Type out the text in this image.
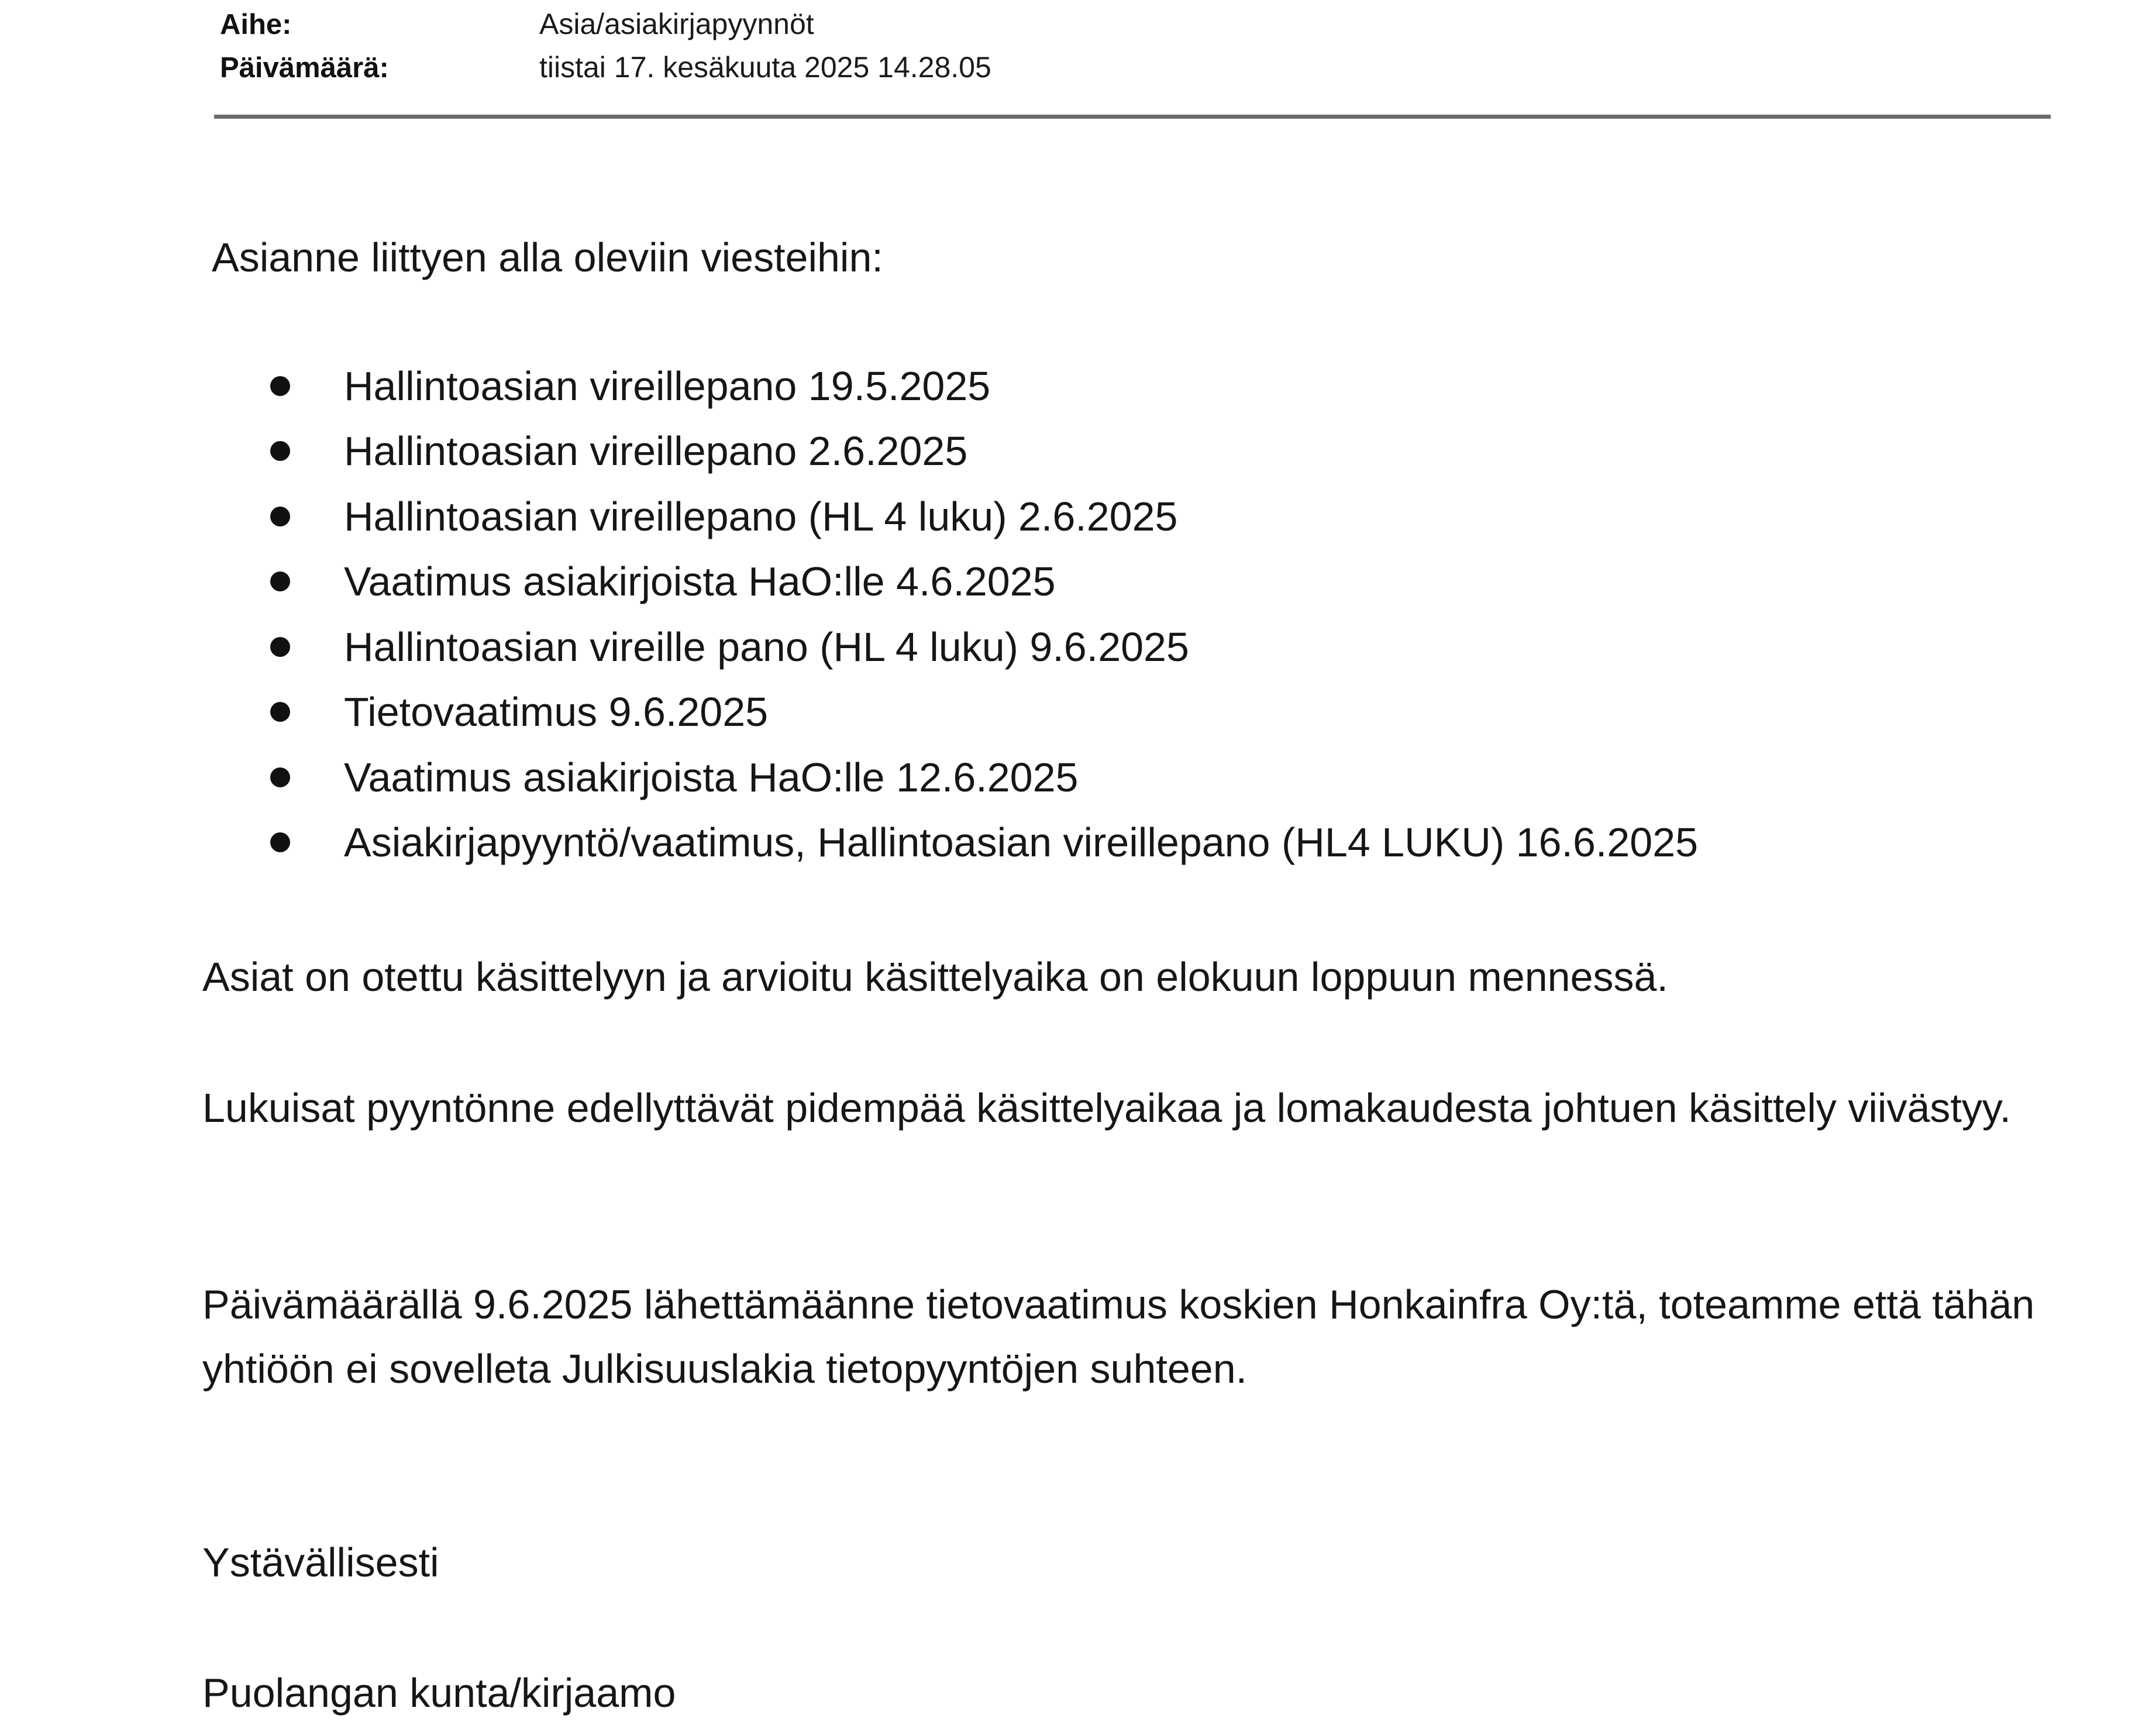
Aihe:	Asia/asiakirjapyynnöt
Päivämäärä:	tiistai 17. kesäkuuta 2025 14.28.05
Asianne liittyen alla oleviin viesteihin:
Hallintoasian vireillepano 19.5.2025
Hallintoasian vireillepano 2.6.2025
Hallintoasian vireillepano (HL 4 luku) 2.6.2025
Vaatimus asiakirjoista HaO:lle 4.6.2025
Hallintoasian vireille pano (HL 4 luku) 9.6.2025
Tietovaatimus 9.6.2025
Vaatimus asiakirjoista HaO:lle 12.6.2025
Asiakirjapyyntö/vaatimus, Hallintoasian vireillepano (HL4 LUKU) 16.6.2025
Asiat on otettu käsittelyyn ja arvioitu käsittelyaika on elokuun loppuun mennessä.
Lukuisat pyyntönne edellyttävät pidempää käsittelyaikaa ja lomakaudesta johtuen käsittely viivästyy.
Päivämäärällä 9.6.2025 lähettämäänne tietovaatimus koskien Honkainfra Oy:tä, toteamme että tähän yhtiöön ei sovelleta Julkisuuslakia tietopyyntöjen suhteen.
Ystävällisesti
Puolangan kunta/kirjaamo
